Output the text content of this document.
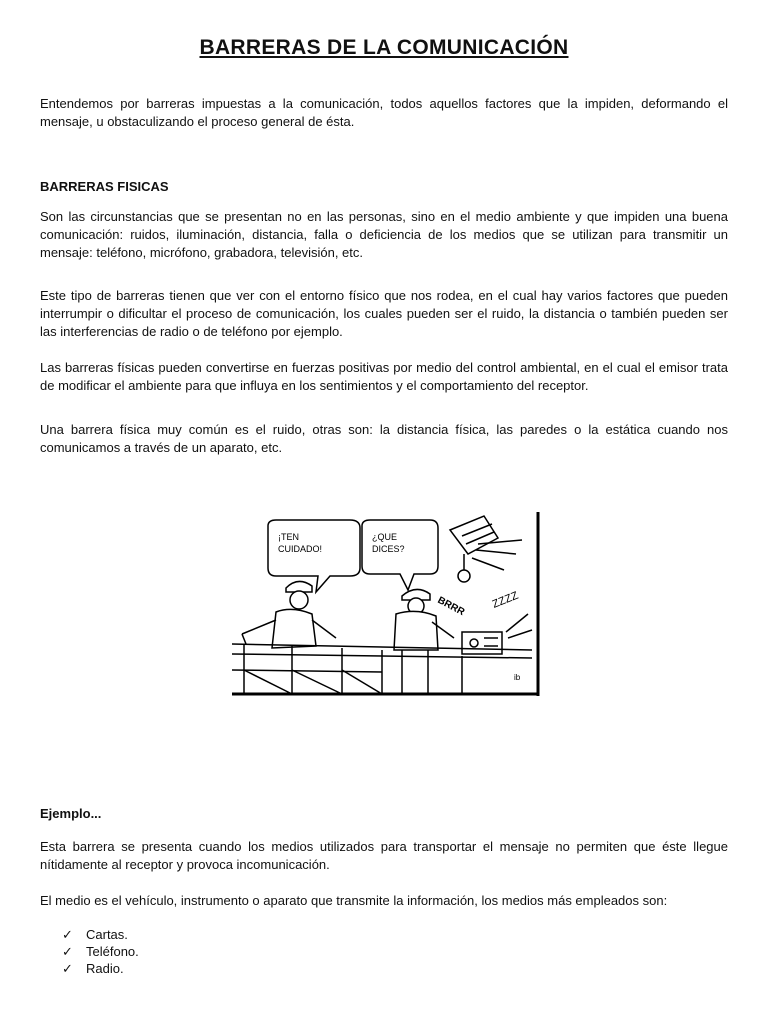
BARRERAS DE LA COMUNICACIÓN

Entendemos por barreras impuestas a la comunicación, todos aquellos factores que la impiden, deformando el mensaje, u obstaculizando el proceso general de ésta.

BARRERAS FISICAS

Son las circunstancias que se presentan no en las personas, sino en el medio ambiente y que impiden una buena comunicación: ruidos, iluminación, distancia, falla o deficiencia de los medios que se utilizan para transmitir un mensaje: teléfono, micrófono, grabadora, televisión, etc.

Este tipo de barreras tienen que ver con el entorno físico que nos rodea, en el cual hay varios factores que pueden interrumpir o dificultar el proceso de comunicación, los cuales pueden ser el ruido, la distancia o también pueden ser las interferencias de radio o de teléfono por ejemplo.

Las barreras físicas pueden convertirse en fuerzas positivas por medio del control ambiental, en el cual el emisor trata de modificar el ambiente para que influya en los sentimientos y el comportamiento del receptor.

Una barrera física muy común es el ruido, otras son: la distancia física, las paredes o la estática cuando nos comunicamos a través de un aparato, etc.

¡TEN
CUIDADO!
¿QUE
DICES?
BRRR ZZZZ
ib

Ejemplo...

Esta barrera se presenta cuando los medios utilizados para transportar el mensaje no permiten que éste llegue nítidamente al receptor y provoca incomunicación.

El medio es el vehículo, instrumento o aparato que transmite la información, los medios más empleados son:

✓	Cartas.
✓	Teléfono.
✓	Radio.
